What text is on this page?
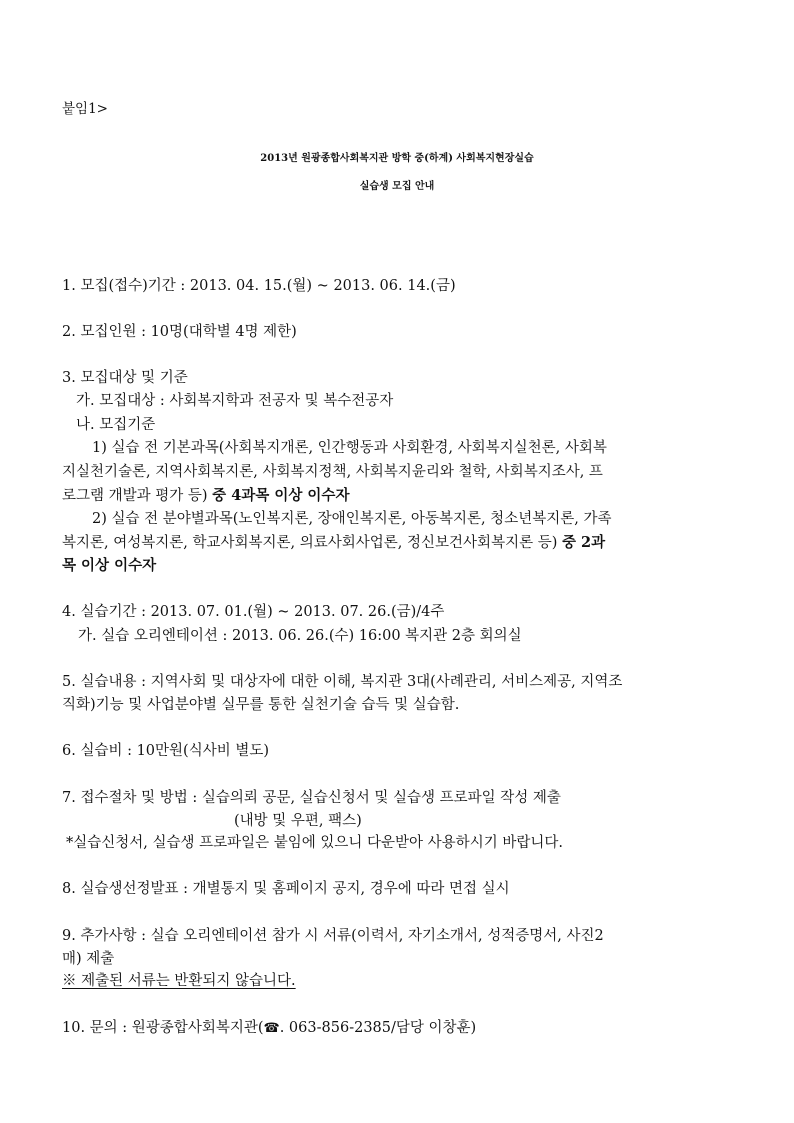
붙임1>
2013년 원광종합사회복지관 방학 중(하계) 사회복지현장실습
실습생 모집 안내
1. 모집(접수)기간 : 2013. 04. 15.(월) ~ 2013. 06. 14.(금)
2. 모집인원 : 10명(대학별 4명 제한)
3. 모집대상 및 기준
가. 모집대상 : 사회복지학과 전공자 및 복수전공자
나. 모집기준
1) 실습 전 기본과목(사회복지개론, 인간행동과 사회환경, 사회복지실천론, 사회복
지실천기술론, 지역사회복지론, 사회복지정책, 사회복지윤리와 철학, 사회복지조사, 프
로그램 개발과 평가 등) 중 4과목 이상 이수자
2) 실습 전 분야별과목(노인복지론, 장애인복지론, 아동복지론, 청소년복지론, 가족
복지론, 여성복지론, 학교사회복지론, 의료사회사업론, 정신보건사회복지론 등) 중 2과
목 이상 이수자
4. 실습기간 : 2013. 07. 01.(월) ~ 2013. 07. 26.(금)/4주
가. 실습 오리엔테이션 : 2013. 06. 26.(수) 16:00 복지관 2층 회의실
5. 실습내용 : 지역사회 및 대상자에 대한 이해, 복지관 3대(사례관리, 서비스제공, 지역조
직화)기능 및 사업분야별 실무를 통한 실천기술 습득 및 실습함.
6. 실습비 : 10만원(식사비 별도)
7. 접수절차 및 방법 : 실습의뢰 공문, 실습신청서 및 실습생 프로파일 작성 제출
(내방 및 우편, 팩스)
*실습신청서, 실습생 프로파일은 붙임에 있으니 다운받아 사용하시기 바랍니다.
8. 실습생선정발표 : 개별통지 및 홈페이지 공지, 경우에 따라 면접 실시
9. 추가사항 : 실습 오리엔테이션 참가 시 서류(이력서, 자기소개서, 성적증명서, 사진2
매) 제출
※ 제출된 서류는 반환되지 않습니다.
10. 문의 : 원광종합사회복지관(☎. 063-856-2385/담당 이창훈)
